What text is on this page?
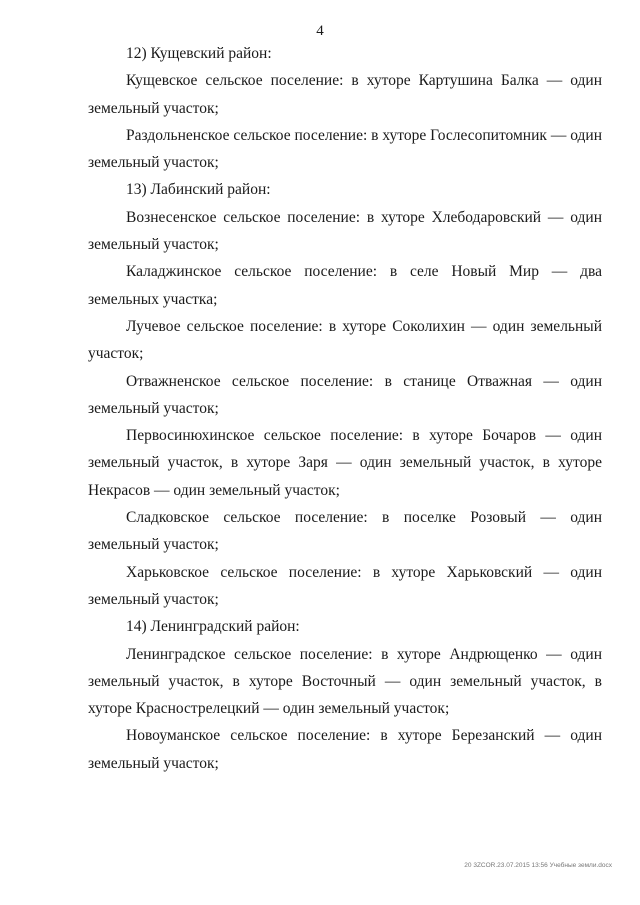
4

12) Кущевский район:

Кущевское сельское поселение: в хуторе Картушина Балка — один земельный участок;

Раздольненское сельское поселение: в хуторе Гослесопитомник — один земельный участок;

13) Лабинский район:

Вознесенское сельское поселение: в хуторе Хлебодаровский — один земельный участок;

Каладжинское сельское поселение: в селе Новый Мир — два земельных участка;

Лучевое сельское поселение: в хуторе Соколихин — один земельный участок;

Отважненское сельское поселение: в станице Отважная — один земельный участок;

Первосинюхинское сельское поселение: в хуторе Бочаров — один земельный участок, в хуторе Заря — один земельный участок, в хуторе Некрасов — один земельный участок;

Сладковское сельское поселение: в поселке Розовый — один земельный участок;

Харьковское сельское поселение: в хуторе Харьковский — один земельный участок;

14) Ленинградский район:

Ленинградское сельское поселение: в хуторе Андрющенко — один земельный участок, в хуторе Восточный — один земельный участок, в хуторе Краснострелецкий — один земельный участок;

Новоуманское сельское поселение: в хуторе Березанский — один земельный участок;

20 3ZCOR.23.07.2015 13:56 Учебные земли.docx
